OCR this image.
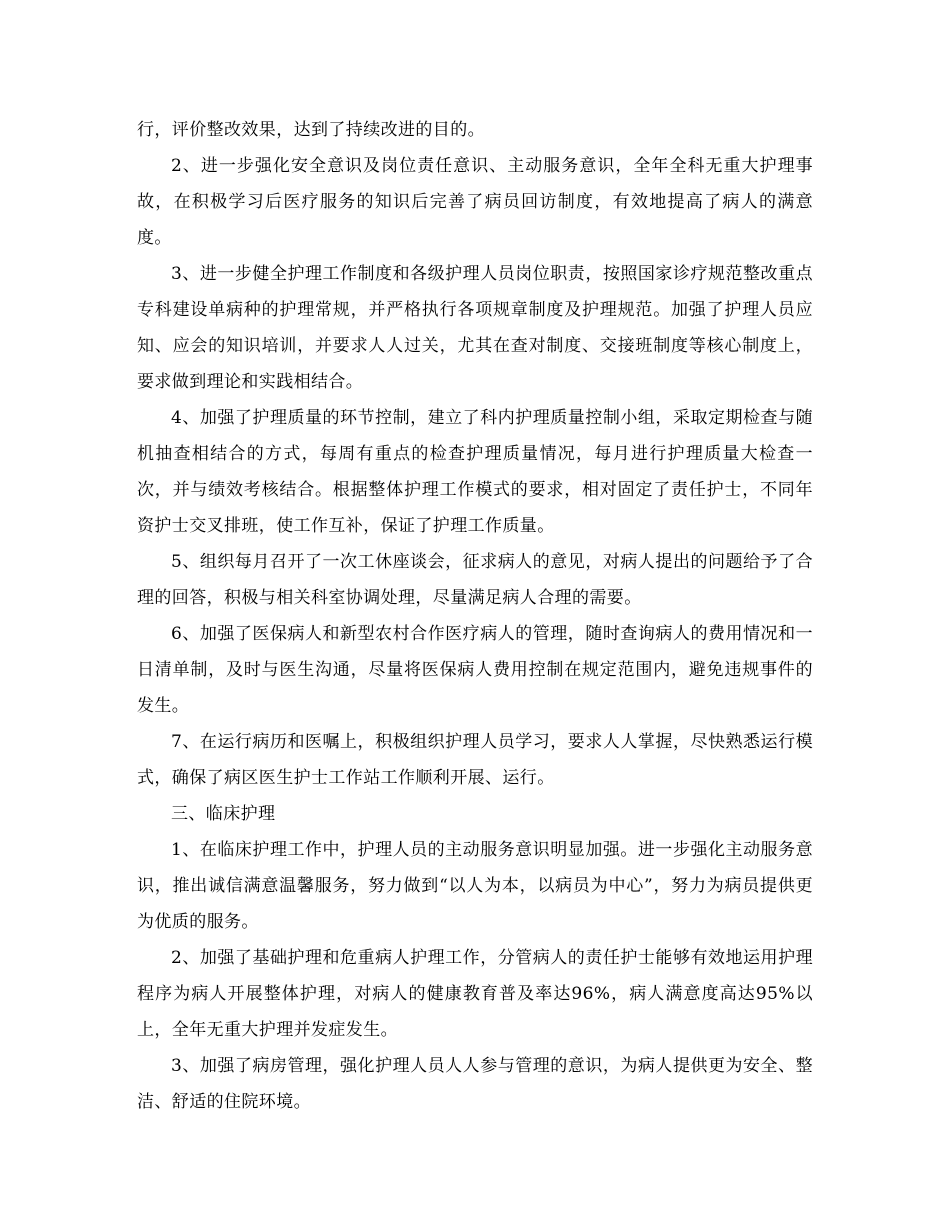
行，评价整改效果，达到了持续改进的目的。

2、进一步强化安全意识及岗位责任意识、主动服务意识，全年全科无重大护理事故，在积极学习后医疗服务的知识后完善了病员回访制度，有效地提高了病人的满意度。

3、进一步健全护理工作制度和各级护理人员岗位职责，按照国家诊疗规范整改重点专科建设单病种的护理常规，并严格执行各项规章制度及护理规范。加强了护理人员应知、应会的知识培训，并要求人人过关，尤其在查对制度、交接班制度等核心制度上，要求做到理论和实践相结合。

4、加强了护理质量的环节控制，建立了科内护理质量控制小组，采取定期检查与随机抽查相结合的方式，每周有重点的检查护理质量情况，每月进行护理质量大检查一次，并与绩效考核结合。根据整体护理工作模式的要求，相对固定了责任护士，不同年资护士交叉排班，使工作互补，保证了护理工作质量。

5、组织每月召开了一次工休座谈会，征求病人的意见，对病人提出的问题给予了合理的回答，积极与相关科室协调处理，尽量满足病人合理的需要。

6、加强了医保病人和新型农村合作医疗病人的管理，随时查询病人的费用情况和一日清单制，及时与医生沟通，尽量将医保病人费用控制在规定范围内，避免违规事件的发生。

7、在运行病历和医嘱上，积极组织护理人员学习，要求人人掌握，尽快熟悉运行模式，确保了病区医生护士工作站工作顺利开展、运行。

三、临床护理

1、在临床护理工作中，护理人员的主动服务意识明显加强。进一步强化主动服务意识，推出诚信满意温馨服务，努力做到“以人为本，以病员为中心”，努力为病员提供更为优质的服务。

2、加强了基础护理和危重病人护理工作，分管病人的责任护士能够有效地运用护理程序为病人开展整体护理，对病人的健康教育普及率达96%，病人满意度高达95%以上，全年无重大护理并发症发生。

3、加强了病房管理，强化护理人员人人参与管理的意识，为病人提供更为安全、整洁、舒适的住院环境。
